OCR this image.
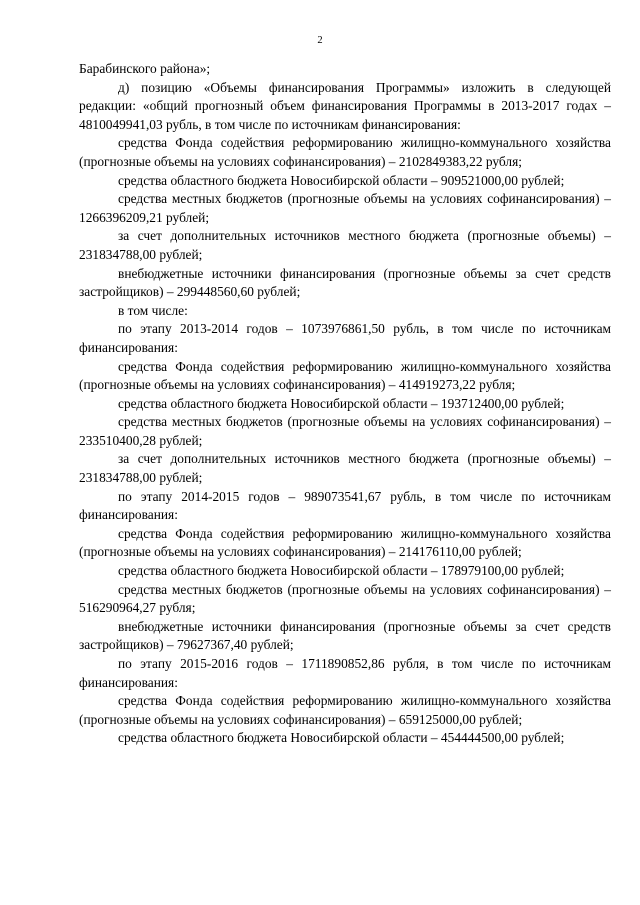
2

Барабинского района»;

д) позицию «Объемы финансирования Программы» изложить в следующей редакции: «общий прогнозный объем финансирования Программы в 2013-2017 годах – 4810049941,03 рубль, в том числе по источникам финансирования:

средства Фонда содействия реформированию жилищно-коммунального хозяйства (прогнозные объемы на условиях софинансирования) – 2102849383,22 рубля;

средства областного бюджета Новосибирской области – 909521000,00 рублей;

средства местных бюджетов (прогнозные объемы на условиях софинансирования) – 1266396209,21 рублей;

за счет дополнительных источников местного бюджета (прогнозные объемы) – 231834788,00 рублей;

внебюджетные источники финансирования (прогнозные объемы за счет средств застройщиков) – 299448560,60 рублей;

в том числе:

по этапу 2013-2014 годов – 1073976861,50 рубль, в том числе по источникам финансирования:

средства Фонда содействия реформированию жилищно-коммунального хозяйства (прогнозные объемы на условиях софинансирования) – 414919273,22 рубля;

средства областного бюджета Новосибирской области – 193712400,00 рублей;

средства местных бюджетов (прогнозные объемы на условиях софинансирования) – 233510400,28 рублей;

за счет дополнительных источников местного бюджета (прогнозные объемы) – 231834788,00 рублей;

по этапу 2014-2015 годов – 989073541,67 рубль, в том числе по источникам финансирования:

средства Фонда содействия реформированию жилищно-коммунального хозяйства (прогнозные объемы на условиях софинансирования) – 214176110,00 рублей;

средства областного бюджета Новосибирской области – 178979100,00 рублей;

средства местных бюджетов (прогнозные объемы на условиях софинансирования) – 516290964,27 рубля;

внебюджетные источники финансирования (прогнозные объемы за счет средств застройщиков) – 79627367,40 рублей;

по этапу 2015-2016 годов – 1711890852,86 рубля, в том числе по источникам финансирования:

средства Фонда содействия реформированию жилищно-коммунального хозяйства (прогнозные объемы на условиях софинансирования) – 659125000,00 рублей;

средства областного бюджета Новосибирской области – 454444500,00 рублей;
